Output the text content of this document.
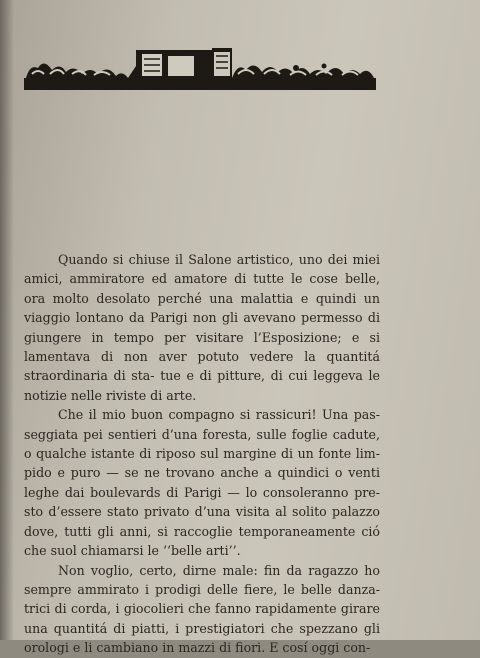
Quando si chiuse il Salone artistico, uno dei miei amici, ammiratore ed amatore di tutte le cose belle, ora molto desolato perché una malattia e quindi un viaggio lontano da Parigi non gli avevano permesso di giungere in tempo per visitare l’Esposizione; e si lamentava di non aver potuto vedere la quantitá straordinaria di sta- tue e di pitture, di cui leggeva le notizie nelle riviste di arte.

Che il mio buon compagno si rassicuri! Una pas- seggiata pei sentieri d’una foresta, sulle foglie cadute, o qualche istante di riposo sul margine di un fonte lim- pido e puro — se ne trovano anche a quindici o venti leghe dai boulevards di Parigi — lo consoleranno pre- sto d’essere stato privato d’una visita al solito palazzo dove, tutti gli anni, si raccoglie temporaneamente ció che suol chiamarsi le ‘‘belle arti’’.

Non voglio, certo, dirne male: fin da ragazzo ho sempre ammirato i prodigi delle fiere, le belle danza- trici di corda, i giocolieri che fanno rapidamente girare una quantitá di piatti, i prestigiatori che spezzano gli orologi e li cambiano in mazzi di fiori. E cosí oggi con-
